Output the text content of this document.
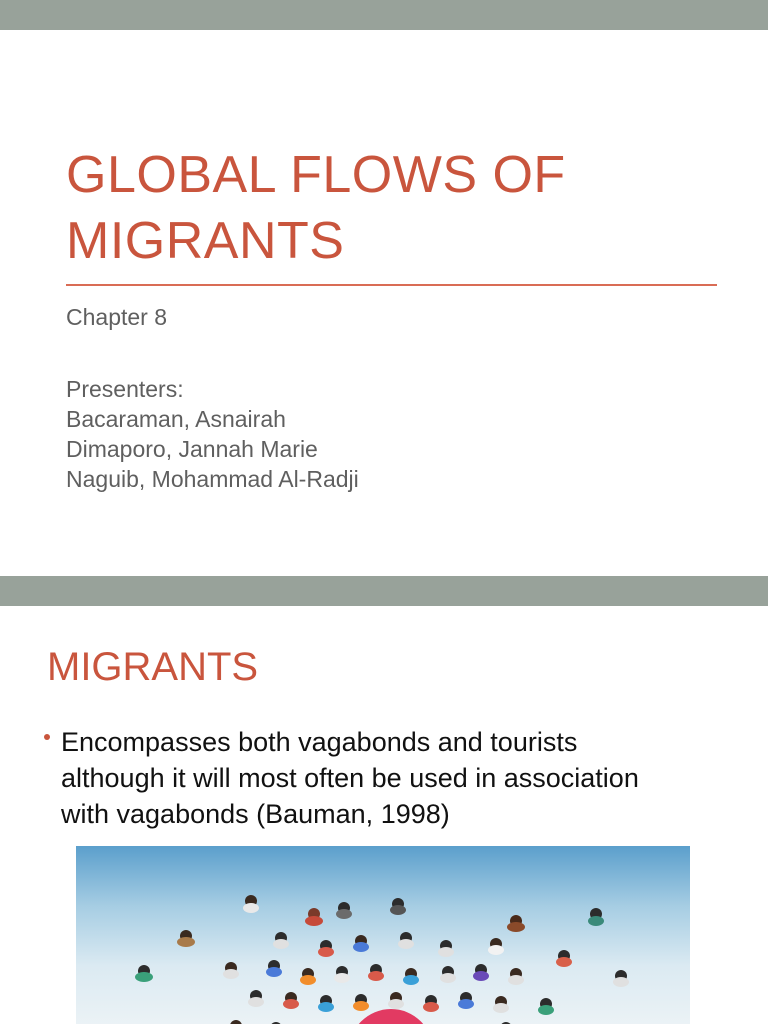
GLOBAL FLOWS OF
MIGRANTS
Chapter 8
Presenters:
Bacaraman, Asnairah
Dimaporo, Jannah Marie
Naguib, Mohammad Al-Radji
MIGRANTS
Encompasses both vagabonds and tourists
although it will most often be used in association
with vagabonds (Bauman, 1998)
